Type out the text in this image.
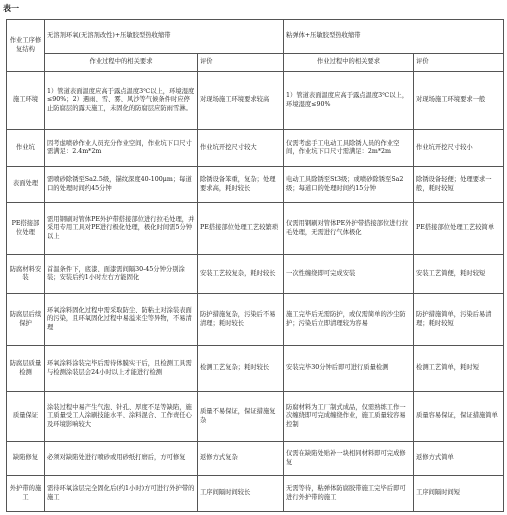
表一
作业工序修复结构	无溶剂环氧(无溶剂改性)+压敏胶型热收缩带		粘弹体+压敏胶型热收缩带	
	作业过程中的相关要求	评价	作业过程中的相关要求	评价
施工环境	1）管道表面温度应高于露点温度3℃以上，环境湿度≤90%；2）遇雨、雪、雾、风沙等气候条件时应停止防腐层的露天施工，未固化的防腐层应防雨雪淋。	对现场施工环境要求较高	1）管道表面温度应高于露点温度3℃以上，环境湿度≤90%	对现场施工环境要求一般
作业坑	因考虑喷砂作业人员充分作业空间，作业坑下口尺寸需满足：2.4m*2m	作业坑开挖尺寸较大	仅需考虑手工电动工具除锈人员的作业空间，作业坑下口尺寸需满足：2m*2m	作业坑开挖尺寸较小
表面处理	需喷砂除锈至Sa2.5级，锚纹深度40-100μm；每道口的处理时间约45分钟	除锈设备笨重，复杂；处理要求高，耗时较长	电动工具除锈至St3级；或喷砂除锈至Sa2级；每道口的处理时间约15分钟	除锈设备轻便；处理要求一般，耗时较短
PE搭接部位处理	需用钢刷对管体PE外护带搭接部位进行拉毛处理，并采用专用工具对PE进行极化处理，极化时间需5分钟以上	PE搭接部位处理工艺较繁琐	仅需用钢刷对管体PE外护带搭接部位进行拉毛处理，无需进行气体极化	PE搭接部位处理工艺较简单
防腐材料安装	首温条件下，底漆、面漆需间隔30-45分钟分别涂装；安装后约1小时左右方能固化	安装工艺较复杂，耗时较长	一次性缠绕即可完成安装	安装工艺简便，耗时较短
防腐层后续保护	环氧涂料固化过程中需采取防尘、防粘土对涂装表面的污染，且环氧固化过程中易溢来尘等异物，不易清理	防护措施复杂，污染后不易清理；耗时较长	施工完毕后无需防护，或仅需简单的沙尘防护；污染后立即清理较为容易	防护措施简单，污染后易清理；耗时较短
防腐层质量检测	环氧涂料涂装完毕后需待体膜实干后，且检测工具需与检测涂装层会24小时以上才能进行检测	检测工艺复杂；耗时较长	安装完毕30分钟后即可进行质量检测	检测工艺简单，耗时短
质量保证	涂装过程中易产生气泡、针孔、厚度不足等缺陷，施工质量受工人涂刷技能水平、涂料混合、工作责任心及环境影响较大	质量不易保证，保证措施复杂	防腐材料为工厂制式成品，仅需熟练工作一次缠绕即可完成缠绕作业，施工质量较容易控制	质量容易保证，保证措施简单
缺陷修复	必须对缺陷处进行喷砂或用砂纸打磨后，方可修复	返修方式复杂	仅需在缺陷处贴补一块相同材料即可完成修复	返修方式简单
外护带的施工	需待环氧涂层完全固化后(约1小时)方可进行外护带的施工	工序间隔时间较长	无需等待，粘弹体防腐胶带施工完毕后即可进行外护带的施工	工序间隔时间短
